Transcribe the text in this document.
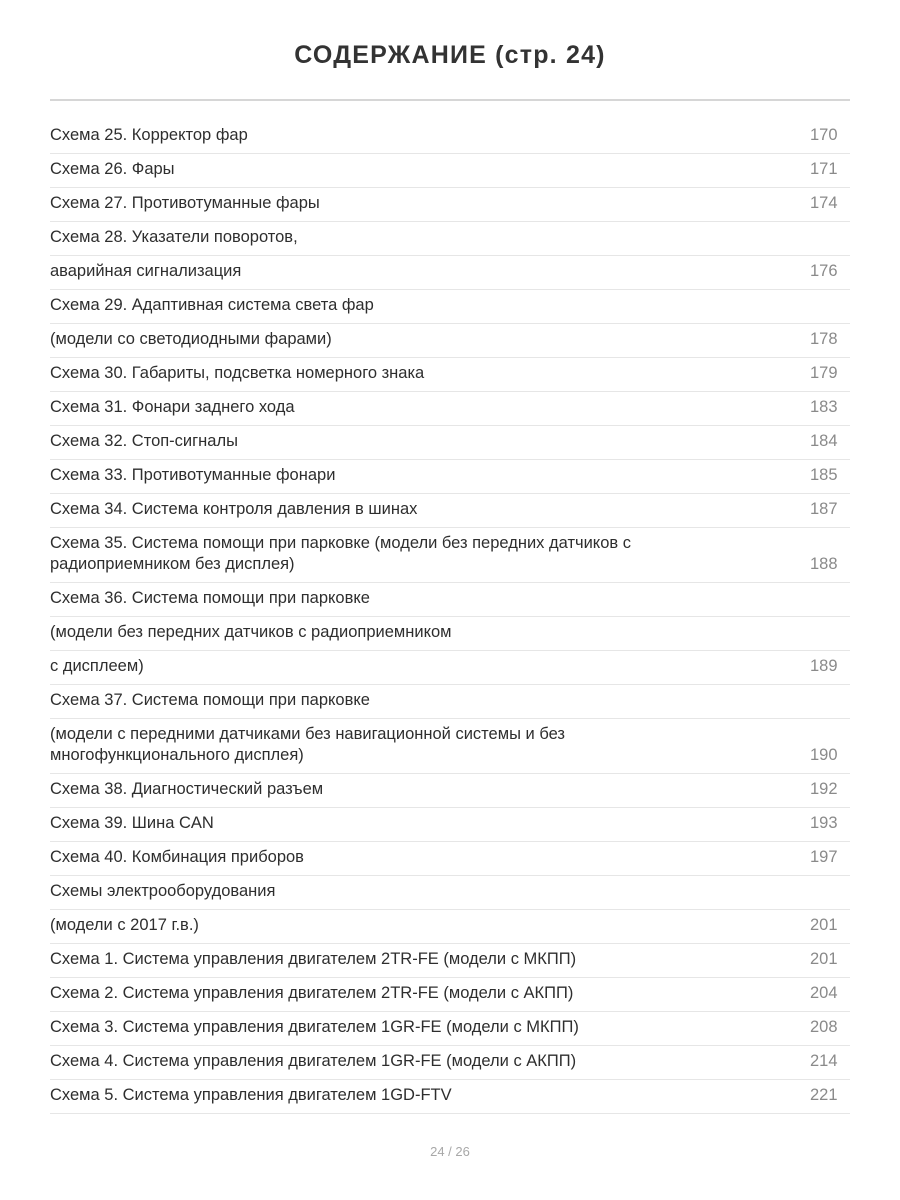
СОДЕРЖАНИЕ (стр. 24)
Схема 25. Корректор фар	170
Схема 26. Фары	171
Схема 27. Противотуманные фары	174
Схема 28. Указатели поворотов,
аварийная сигнализация	176
Схема 29. Адаптивная система света фар
(модели со светодиодными фарами)	178
Схема 30. Габариты, подсветка номерного знака	179
Схема 31. Фонари заднего хода	183
Схема 32. Стоп-сигналы	184
Схема 33. Противотуманные фонари	185
Схема 34. Система контроля давления в шинах	187
Схема 35. Система помощи при парковке (модели без передних датчиков с радиоприемником без дисплея)	188
Схема 36. Система помощи при парковке
(модели без передних датчиков с радиоприемником
с дисплеем)	189
Схема 37. Система помощи при парковке
(модели с передними датчиками без навигационной системы и без многофункционального дисплея)	190
Схема 38. Диагностический разъем	192
Схема 39. Шина CAN	193
Схема 40. Комбинация приборов	197
Схемы электрооборудования
(модели с 2017 г.в.)	201
Схема 1. Система управления двигателем 2TR-FE (модели с МКПП)	201
Схема 2. Система управления двигателем 2TR-FE (модели с АКПП)	204
Схема 3. Система управления двигателем 1GR-FE (модели с МКПП)	208
Схема 4. Система управления двигателем 1GR-FE (модели с АКПП)	214
Схема 5. Система управления двигателем 1GD-FTV	221
24 / 26
